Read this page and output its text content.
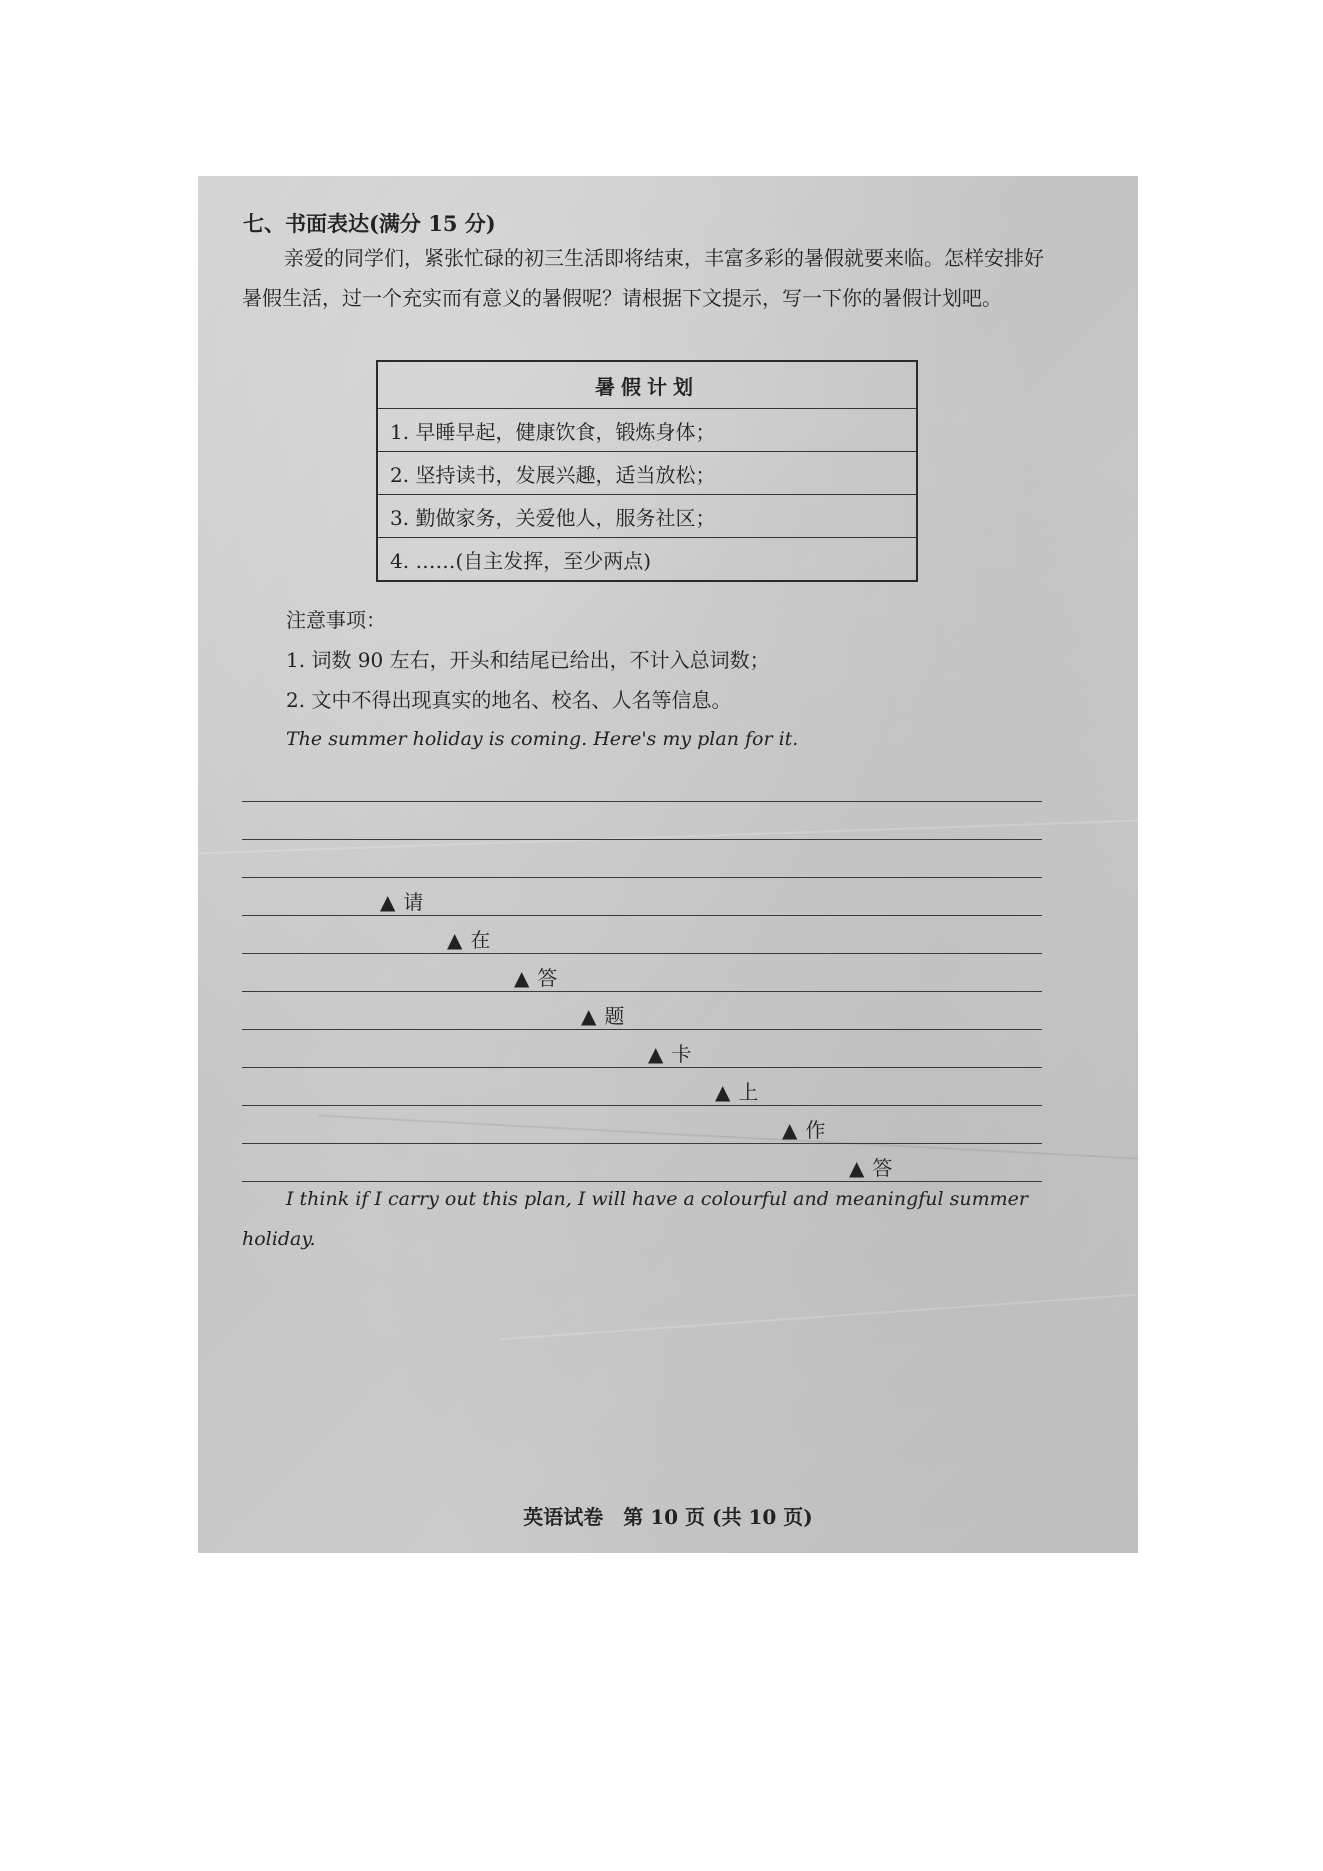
七、书面表达(满分 15 分)
亲爱的同学们，紧张忙碌的初三生活即将结束，丰富多彩的暑假就要来临。怎样安排好暑假生活，过一个充实而有意义的暑假呢？请根据下文提示，写一下你的暑假计划吧。
暑假计划
1. 早睡早起，健康饮食，锻炼身体；
2. 坚持读书，发展兴趣，适当放松；
3. 勤做家务，关爱他人，服务社区；
4. ……(自主发挥，至少两点)
注意事项：
1. 词数 90 左右，开头和结尾已给出，不计入总词数；
2. 文中不得出现真实的地名、校名、人名等信息。
The summer holiday is coming. Here's my plan for it.
▲ 请
▲ 在
▲ 答
▲ 题
▲ 卡
▲ 上
▲ 作
▲ 答
I think if I carry out this plan, I will have a colourful and meaningful summer
holiday.
英语试卷　第 10 页 (共 10 页)
